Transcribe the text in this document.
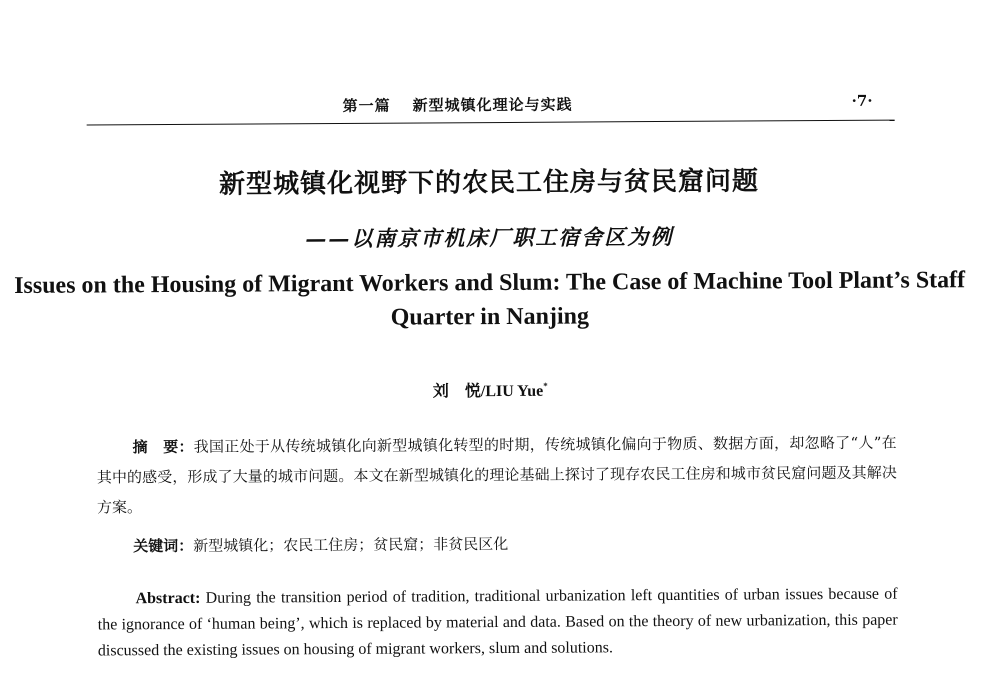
第一篇 新型城镇化理论与实践	·7·
新型城镇化视野下的农民工住房与贫民窟问题
——以南京市机床厂职工宿舍区为例
Issues on the Housing of Migrant Workers and Slum: The Case of Machine Tool Plant’s Staff Quarter in Nanjing
刘 悦/LIU Yue*
摘　要：我国正处于从传统城镇化向新型城镇化转型的时期，传统城镇化偏向于物质、数据方面，却忽略了“人”在其中的感受，形成了大量的城市问题。本文在新型城镇化的理论基础上探讨了现存农民工住房和城市贫民窟问题及其解决方案。
关键词：新型城镇化；农民工住房；贫民窟；非贫民区化
Abstract: During the transition period of tradition, traditional urbanization left quantities of urban issues because of the ignorance of ‘human being’, which is replaced by material and data. Based on the theory of new urbanization, this paper discussed the existing issues on housing of migrant workers, slum and solutions.
